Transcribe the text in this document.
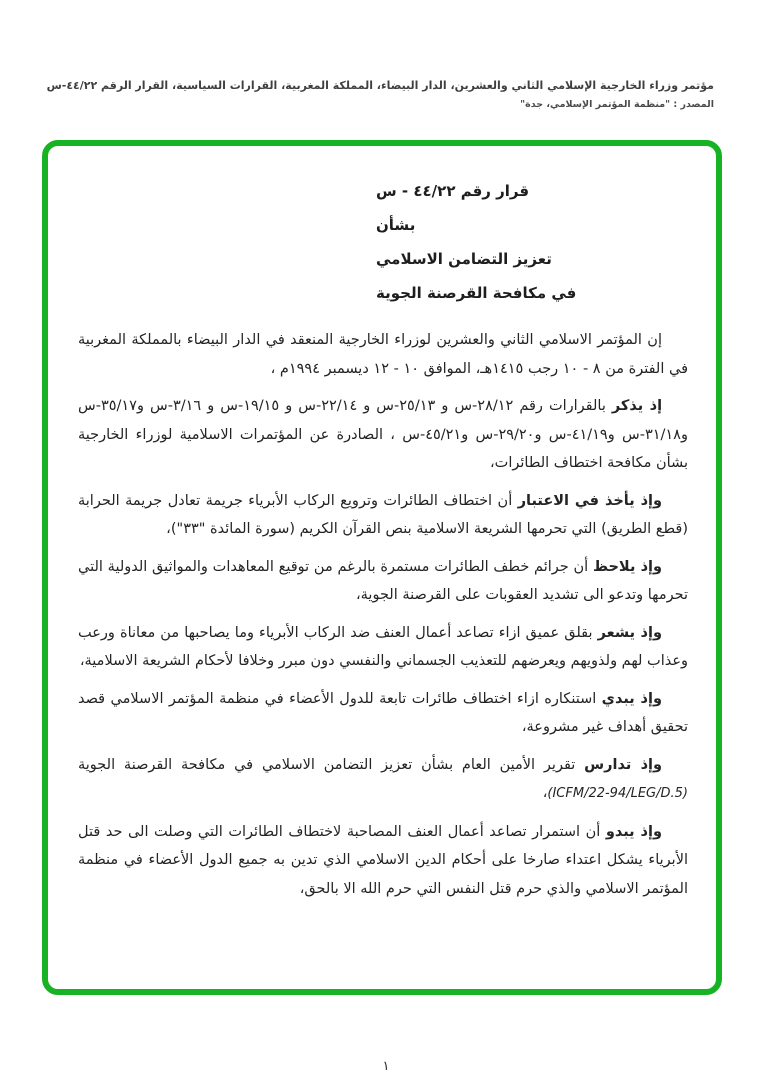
مؤتمر وزراء الخارجية الإسلامي الثاني والعشرين، الدار البيضاء، المملكة المغربية، القرارات السياسية، القرار الرقم ٤٤/٢٢-س
المصدر : "منظمة المؤتمر الإسلامي، جدة"
قرار رقم ٤٤/٢٢ - س
بشأن
تعزيز التضامن الاسلامي
في مكافحة القرصنة الجوية

إن المؤتمر الاسلامي الثاني والعشرين لوزراء الخارجية المنعقد في الدار البيضاء بالمملكة المغربية في الفترة من ٨ - ١٠ رجب ١٤١٥هـ، الموافق ١٠ - ١٢ ديسمبر ١٩٩٤م ،

إذ يذكر بالقرارات رقم ٢٨/١٢-س و ٢٥/١٣-س و ٢٢/١٤-س و ١٩/١٥-س و ٣/١٦-س و٣٥/١٧-س و٣١/١٨-س و٤١/١٩-س و٢٩/٢٠-س و٤٥/٢١-س ، الصادرة عن المؤتمرات الاسلامية لوزراء الخارجية بشأن مكافحة اختطاف الطائرات،

وإذ يأخذ في الاعتبار أن اختطاف الطائرات وترويع الركاب الأبرياء جريمة تعادل جريمة الحرابة (قطع الطريق) التي تحرمها الشريعة الاسلامية بنص القرآن الكريم (سورة المائدة "٣٣")،

وإذ يلاحظ أن جرائم خطف الطائرات مستمرة بالرغم من توقيع المعاهدات والمواثيق الدولية التي تحرمها وتدعو الى تشديد العقوبات على القرصنة الجوية،

وإذ يشعر بقلق عميق ازاء تصاعد أعمال العنف ضد الركاب الأبرياء وما يصاحبها من معاناة ورعب وعذاب لهم ولذويهم ويعرضهم للتعذيب الجسماني والنفسي دون مبرر وخلافا لأحكام الشريعة الاسلامية،

وإذ يبدي استنكاره ازاء اختطاف طائرات تابعة للدول الأعضاء في منظمة المؤتمر الاسلامي قصد تحقيق أهداف غير مشروعة،

وإذ تدارس تقرير الأمين العام بشأن تعزيز التضامن الاسلامي في مكافحة القرصنة الجوية (ICFM/22-94/LEG/D.5)،

وإذ يبدو أن استمرار تصاعد أعمال العنف المصاحبة لاختطاف الطائرات التي وصلت الى حد قتل الأبرياء يشكل اعتداء صارخا على أحكام الدين الاسلامي الذي تدين به جميع الدول الأعضاء في منظمة المؤتمر الاسلامي والذي حرم قتل النفس التي حرم الله الا بالحق،

١
